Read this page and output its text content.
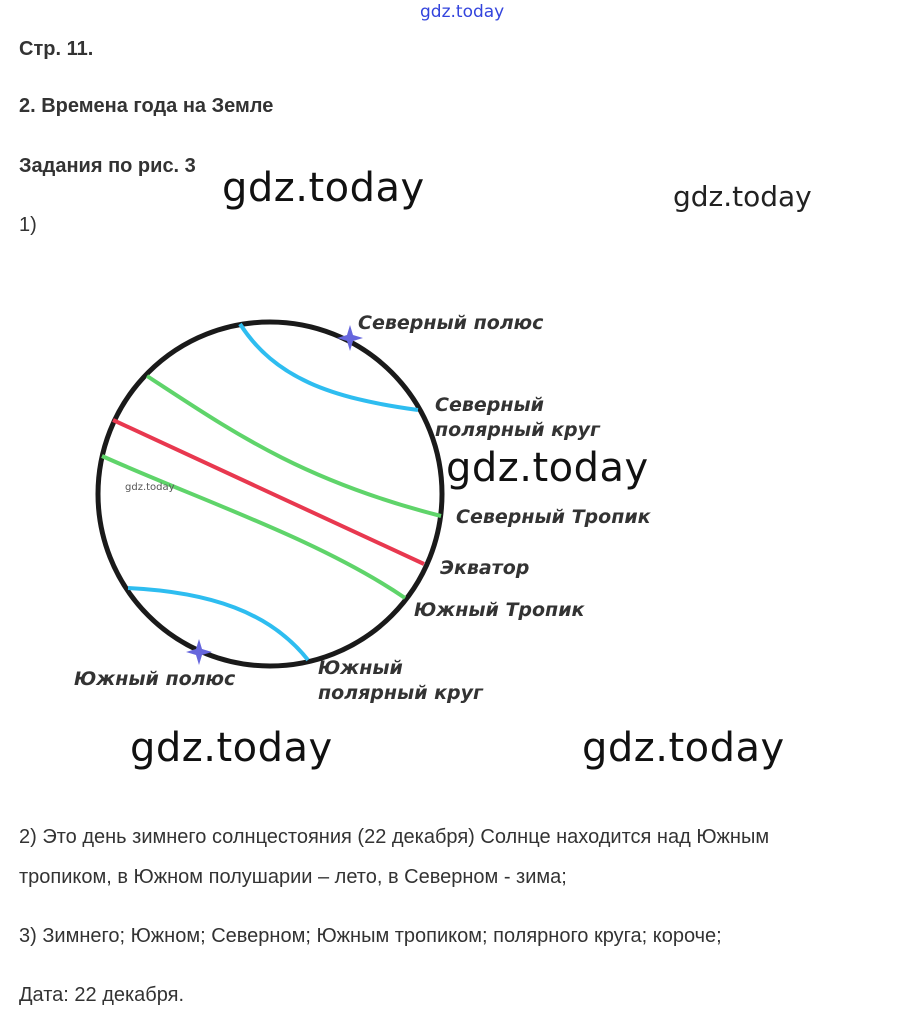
gdz.today
Стр. 11.
2. Времена года на Земле
Задания по рис. 3 gdz.today	gdz.today
1)
gdz.today
Северный полюс
Северный
полярный круг
gdz.today
Северный Тропик
Экватор
Южный Тропик
Южный
полярный круг
Южный полюс
gdz.today	gdz.today
2) Это день зимнего солнцестояния (22 декабря) Солнце находится над Южным
тропиком, в Южном полушарии – лето, в Северном - зима;
3) Зимнего; Южном; Северном; Южным тропиком; полярного круга; короче;
Дата: 22 декабря.
